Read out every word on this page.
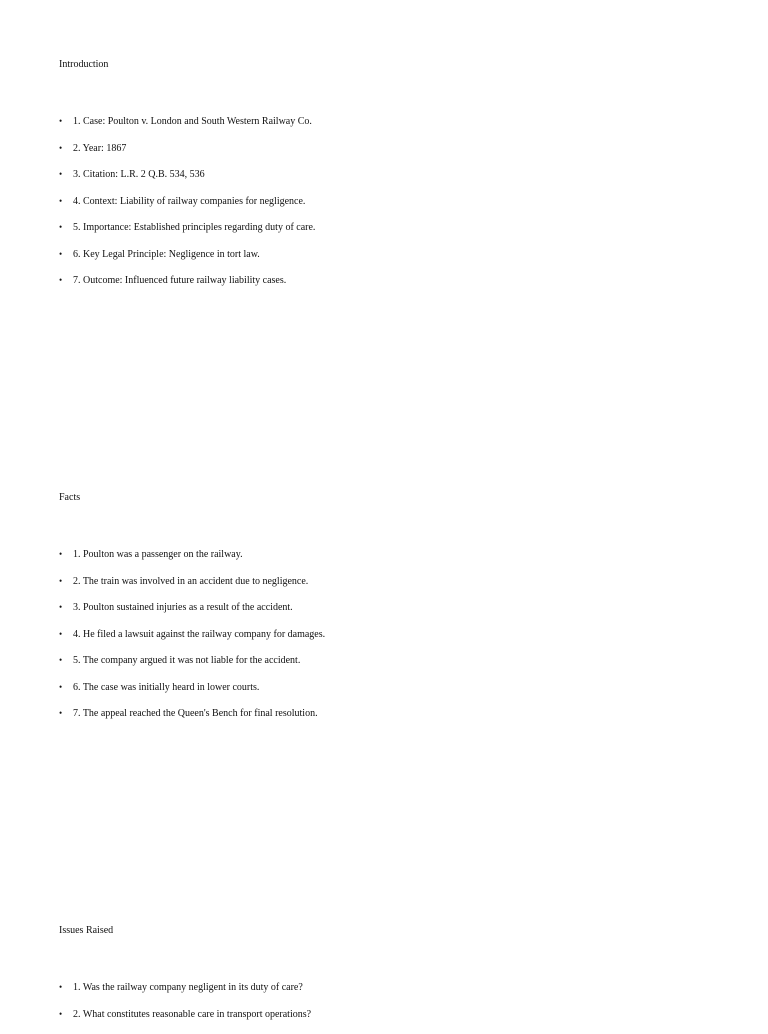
Introduction

• 1. Case: Poulton v. London and South Western Railway Co.
• 2. Year: 1867
• 3. Citation: L.R. 2 Q.B. 534, 536
• 4. Context: Liability of railway companies for negligence.
• 5. Importance: Established principles regarding duty of care.
• 6. Key Legal Principle: Negligence in tort law.
• 7. Outcome: Influenced future railway liability cases.

Facts

• 1. Poulton was a passenger on the railway.
• 2. The train was involved in an accident due to negligence.
• 3. Poulton sustained injuries as a result of the accident.
• 4. He filed a lawsuit against the railway company for damages.
• 5. The company argued it was not liable for the accident.
• 6. The case was initially heard in lower courts.
• 7. The appeal reached the Queen's Bench for final resolution.

Issues Raised

• 1. Was the railway company negligent in its duty of care?
• 2. What constitutes reasonable care in transport operations?
